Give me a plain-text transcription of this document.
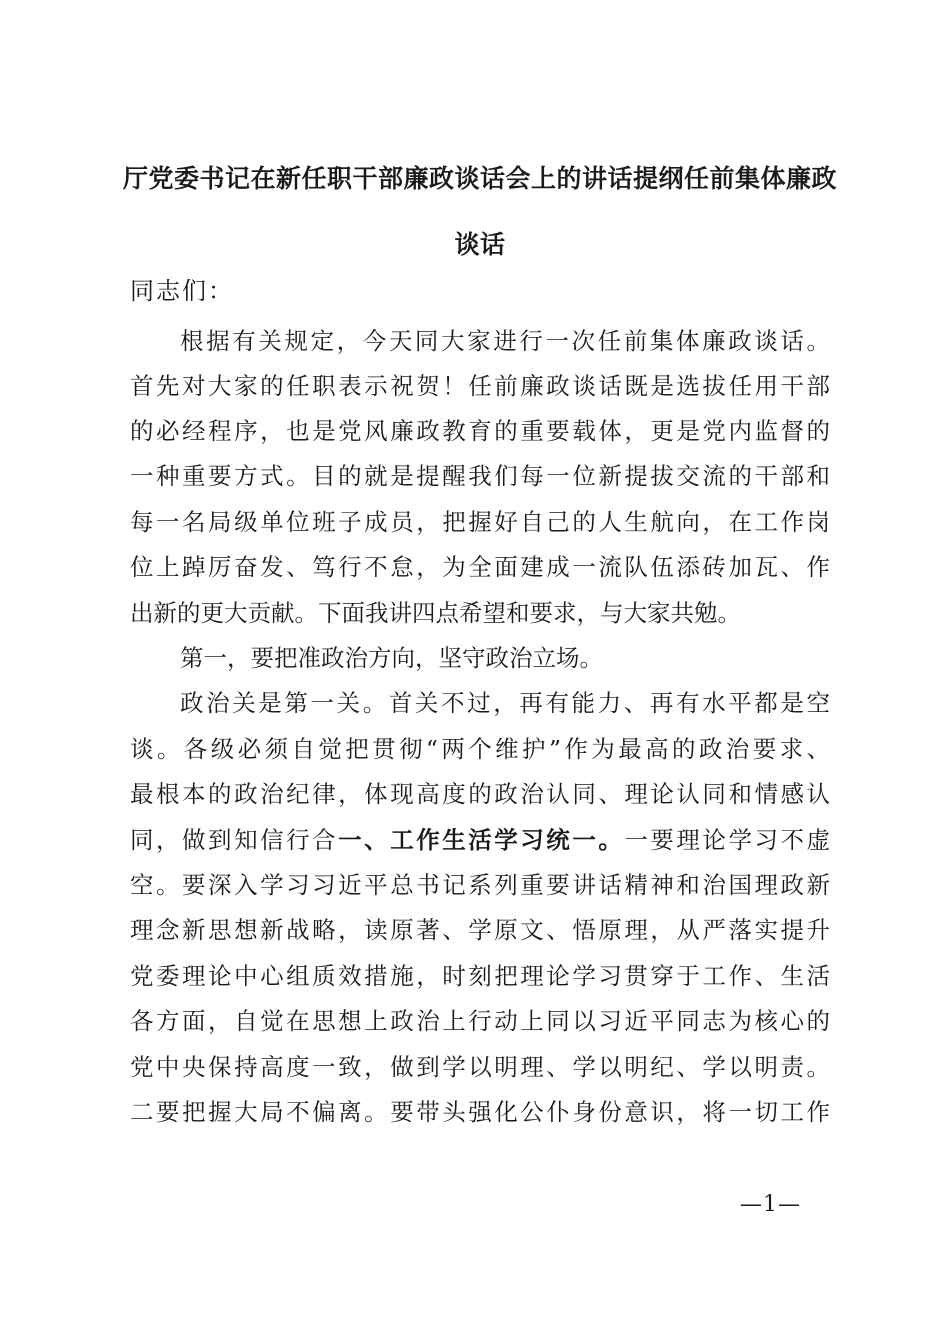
厅党委书记在新任职干部廉政谈话会上的讲话提纲任前集体廉政
谈话
同志们：
根据有关规定，今天同大家进行一次任前集体廉政谈话。
首先对大家的任职表示祝贺！任前廉政谈话既是选拔任用干部
的必经程序，也是党风廉政教育的重要载体，更是党内监督的
一种重要方式。目的就是提醒我们每一位新提拔交流的干部和
每一名局级单位班子成员，把握好自己的人生航向，在工作岗
位上踔厉奋发、笃行不怠，为全面建成一流队伍添砖加瓦、作
出新的更大贡献。下面我讲四点希望和要求，与大家共勉。
第一，要把准政治方向，坚守政治立场。
政治关是第一关。首关不过，再有能力、再有水平都是空
谈。各级必须自觉把贯彻“两个维护”作为最高的政治要求、
最根本的政治纪律，体现高度的政治认同、理论认同和情感认
同，做到知信行合一、工作生活学习统一。一要理论学习不虚
空。要深入学习习近平总书记系列重要讲话精神和治国理政新
理念新思想新战略，读原著、学原文、悟原理，从严落实提升
党委理论中心组质效措施，时刻把理论学习贯穿于工作、生活
各方面，自觉在思想上政治上行动上同以习近平同志为核心的
党中央保持高度一致，做到学以明理、学以明纪、学以明责。
二要把握大局不偏离。要带头强化公仆身份意识，将一切工作
—1—
